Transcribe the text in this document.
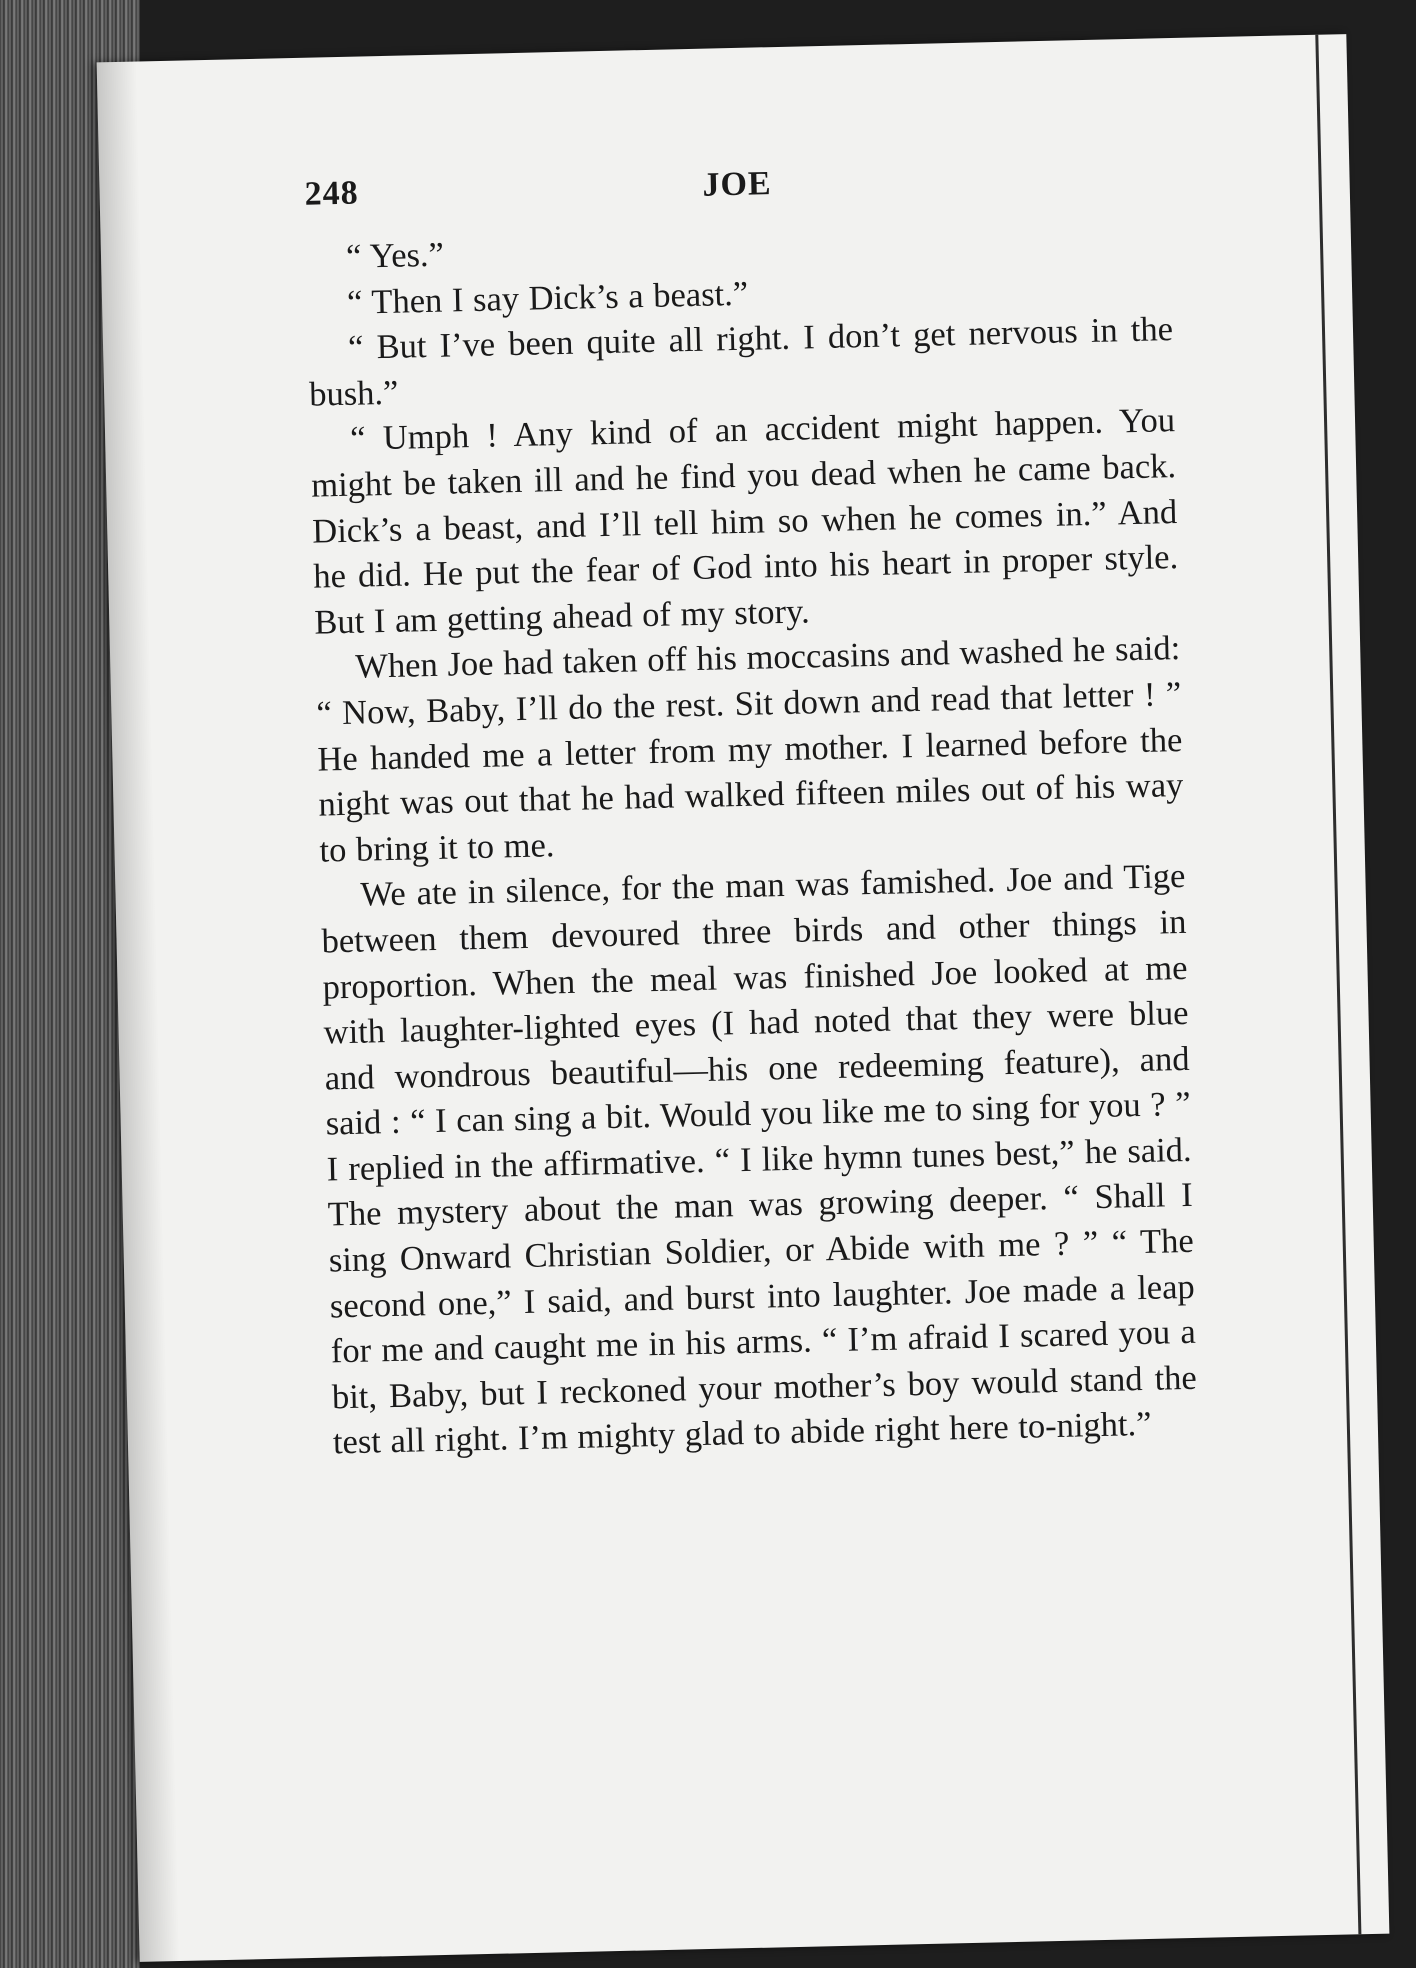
248	JOE

“ Yes.”

“ Then I say Dick’s a beast.”

“ But I’ve been quite all right. I don’t get nervous in the bush.”

“ Umph ! Any kind of an accident might happen. You might be taken ill and he find you dead when he came back. Dick’s a beast, and I’ll tell him so when he comes in.” And he did. He put the fear of God into his heart in proper style. But I am getting ahead of my story.

When Joe had taken off his moccasins and washed he said: “ Now, Baby, I’ll do the rest. Sit down and read that letter ! ” He handed me a letter from my mother. I learned before the night was out that he had walked fifteen miles out of his way to bring it to me.

We ate in silence, for the man was famished. Joe and Tige between them devoured three birds and other things in proportion. When the meal was finished Joe looked at me with laughter-lighted eyes (I had noted that they were blue and wondrous beautiful—his one redeeming feature), and said : “ I can sing a bit. Would you like me to sing for you ? ” I replied in the affirmative. “ I like hymn tunes best,” he said. The mystery about the man was growing deeper. “ Shall I sing Onward Christian Soldier, or Abide with me ? ” “ The second one,” I said, and burst into laughter. Joe made a leap for me and caught me in his arms. “ I’m afraid I scared you a bit, Baby, but I reckoned your mother’s boy would stand the test all right. I’m mighty glad to abide right here to-night.”
